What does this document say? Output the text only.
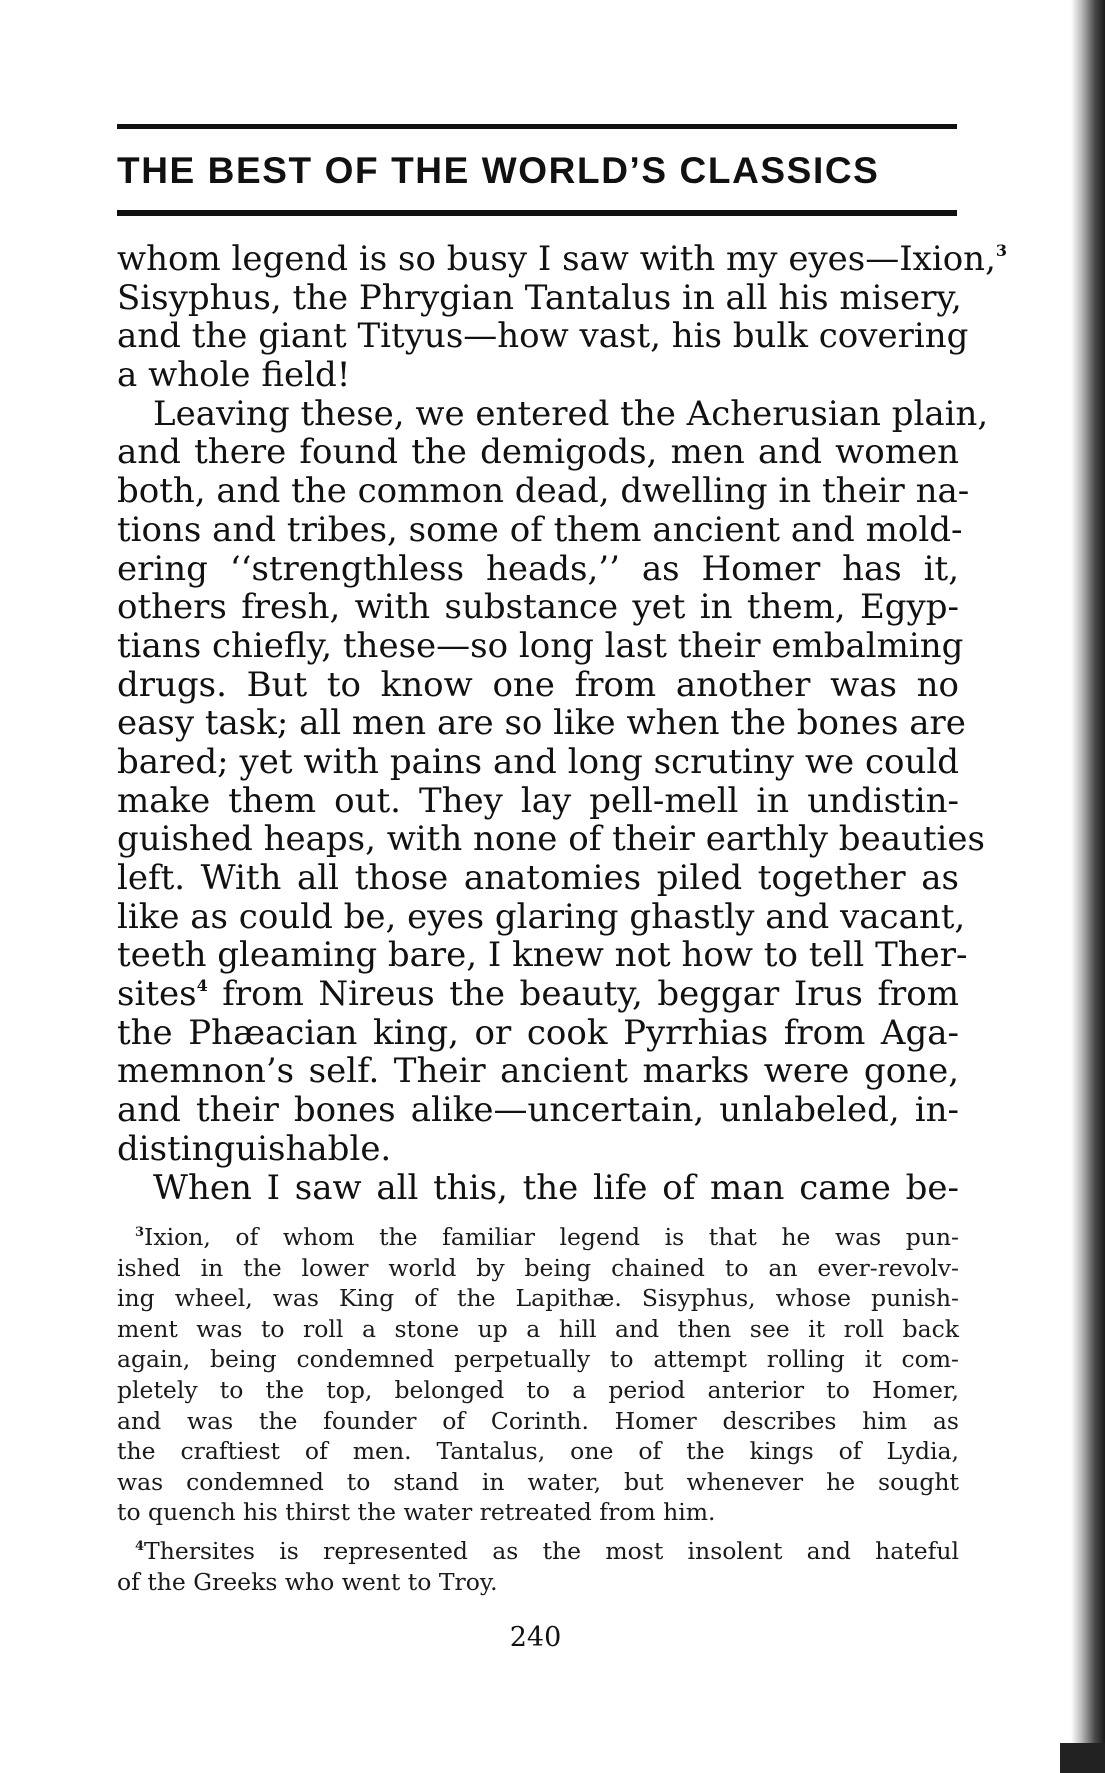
THE BEST OF THE WORLD’S CLASSICS
whom legend is so busy I saw with my eyes—Ixion,$^3$
Sisyphus, the Phrygian Tantalus in all his misery,
and the giant Tityus—how vast, his bulk covering
a whole field!
Leaving these, we entered the Acherusian plain,
and there found the demigods, men and women
both, and the common dead, dwelling in their na-
tions and tribes, some of them ancient and mold-
ering ‘‘strengthless heads,’’ as Homer has it,
others fresh, with substance yet in them, Egyp-
tians chiefly, these—so long last their embalming
drugs. But to know one from another was no
easy task; all men are so like when the bones are
bared; yet with pains and long scrutiny we could
make them out. They lay pell-mell in undistin-
guished heaps, with none of their earthly beauties
left. With all those anatomies piled together as
like as could be, eyes glaring ghastly and vacant,
teeth gleaming bare, I knew not how to tell Ther-
sites$^4$ from Nireus the beauty, beggar Irus from
the Phæacian king, or cook Pyrrhias from Aga-
memnon’s self. Their ancient marks were gone,
and their bones alike—uncertain, unlabeled, in-
distinguishable.
When I saw all this, the life of man came be-
$^3$Ixion, of whom the familiar legend is that he was pun-
ished in the lower world by being chained to an ever-revolv-
ing wheel, was King of the Lapithæ. Sisyphus, whose punish-
ment was to roll a stone up a hill and then see it roll back
again, being condemned perpetually to attempt rolling it com-
pletely to the top, belonged to a period anterior to Homer,
and was the founder of Corinth. Homer describes him as
the craftiest of men. Tantalus, one of the kings of Lydia,
was condemned to stand in water, but whenever he sought
to quench his thirst the water retreated from him.
$^4$Thersites is represented as the most insolent and hateful
of the Greeks who went to Troy.
240
